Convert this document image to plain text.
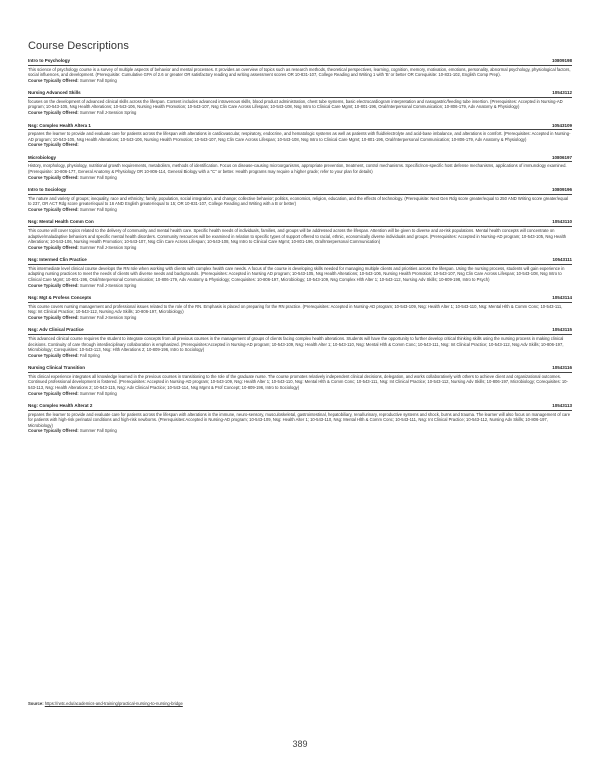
Course Descriptions
Intro to Psychology	10809198
This science of psychology course is a survey of multiple aspects of behavior and mental processes. It provides an overview of topics such as research methods, theoretical perspectives, learning, cognition, memory, motivation, emotions, personality, abnormal psychology, physiological factors, social influences, and development. (Prerequisite: Cumulative GPA of 2.6 or greater OR satisfactory reading and writing assessment scores OR 10-831-107, College Reading and Writing 1 with 'B' or better OR Corequisite: 10-831-102, English Comp Prep).
Course Typically Offered: Summer Fall Spring
Nursing Advanced Skills	10543112
focuses on the development of advanced clinical skills across the lifespan. Content includes advanced intravenous skills, blood product administration, chest tube systems, basic electrocardiogram interpretation and nasogastric/feeding tube insertion. (Prerequisites: Accepted in Nursing-AD program; 10-543-105, Nsg Health Alterations; 10-543-106, Nursing Health Promotion; 10-543-107, Nsg Clin Care Across Lifespan; 10-543-108, Nsg Intro to Clinical Care Mgmt; 10-801-196, Oral/Interpersonal Communication; 10-806-179, Adv Anatomy & Physiology)
Course Typically Offered: Summer Fall J-Session Spring
Nsg: Complex Health Altera 1	10543109
prepares the learner to provide and evaluate care for patients across the lifespan with alterations in cardiovascular, respiratory, endocrine, and hematologic systems as well as patients with fluid/electrolyte and acid-base imbalance, and alterations in comfort. (Prerequisites: Accepted in Nursing-AD program; 10-543-105, Nsg Health Alterations; 10-543-106, Nursing Health Promotion; 10-543-107, Nsg Clin Care Across Lifespan; 10-543-108, Nsg Intro to Clinical Care Mgmt; 10-801-196, Oral/Interpersonal Communication; 10-806-179, Adv Anatomy & Physiology)
Course Typically Offered:
Microbiology	10806197
History, morphology, physiology, nutritional growth requirements, metabolism, methods of identification. Focus on disease-causing microorganisms, appropriate prevention, treatment, control mechanisms. Specific/non-specific host defense mechanisms, applications of immunology examined. (Prerequisite: 10-806-177, General Anatomy & Physiology OR 10-806-114, General Biology with a "C" or better. Health programs may require a higher grade; refer to your plan for details)
Course Typically Offered: Summer Fall Spring
Intro to Sociology	10809196
The nature and variety of groups; inequality, race and ethnicity; family, population, social integration, and change; collective behavior; politics, economics, religion, education, and the effects of technology. (Prerequisite: Next Gen Rdg score greater/equal to 250 AND Writing score greater/equal to 237, OR ACT Rdg score greater/equal to 16 AND English greater/equal to 15; OR 10-831-107, College Reading and Writing with a B or better)
Course Typically Offered: Summer Fall Spring
Nsg: Mental Health Comm Con	10543110
This course will cover topics related to the delivery of community and mental health care. Specific health needs of individuals, families, and groups will be addressed across the lifespan. Attention will be given to diverse and at-risk populations. Mental health concepts will concentrate on adaptive/maladaptive behaviors and specific mental health disorders. Community resources will be examined in relation to specific types of support offered to racial, ethnic, economically diverse individuals and groups. (Prerequisites: Accepted in Nursing-AD program; 10-543-105, Nsg Health Alterations; 10-543-106, Nursing Health Promotion; 10-543-107, Nsg Clin Care Across Lifespan; 10-543-108, Nsg Intro to Clinical Care Mgmt; 10-801-196, Oral/Interpersonal Communication)
Course Typically Offered: Summer Fall J-Session Spring
Nsg: Intermed Clin Practice	10543111
This intermediate level clinical course develops the RN role when working with clients with complex health care needs. A focus of the course is developing skills needed for managing multiple clients and priorities across the lifespan. Using the nursing process, students will gain experience in adapting nursing practices to meet the needs of clients with diverse needs and backgrounds. (Prerequisites: Accepted in Nursing AD program; 10-543-105, Nsg Health Alterations; 10-543-106, Nursing Health Promotion; 10-543-107, Nsg Clin Care Across Lifespan; 10-543-108, Nsg Intro to Clinical Care Mgmt; 10-801-196, Oral/Interpersonal Communication; 10-806-179, Adv Anatomy & Physiology; Corequisites: 10-806-197, Microbiology; 10-543-109, Nsg Complex Hlth Alter 1; 10-543-112, Nursing Adv Skills; 10-809-198, Intro to Psych)
Course Typically Offered: Summer Fall J-Session Spring
Nsg: Mgt & Profess Concepts	10543114
This course covers nursing management and professional issues related to the role of the RN. Emphasis is placed on preparing for the RN practice. (Prerequisites: Accepted in Nursing-AD program; 10-543-109, Nsg: Health Alter 1; 10-543-110, Nsg: Mental Hlth & Comm Conc; 10-543-111, Nsg: Int Clinical Practice; 10-543-112, Nursing Adv Skills; 10-806-197, Microbiology)
Course Typically Offered: Summer Fall J-Session Spring
Nsg: Adv Clinical Practice	10543115
This advanced clinical course requires the student to integrate concepts from all previous courses in the management of groups of clients facing complex health alterations. Students will have the opportunity to further develop critical thinking skills using the nursing process in making clinical decisions. Continuity of care through interdisciplinary collaboration is emphasized. (Prerequisites:Accepted in Nursing-AD program; 10-543-109, Nsg: Health Alter 1; 10-543-110, Nsg: Mental Hlth & Comm Conc; 10-543-111, Nsg: Int Clinical Practice; 10-543-112, Nsg Adv Skills; 10-806-197, Microbiology; Corequisites: 10-543-113, Nsg: Hlth Alterations 2; 10-809-196, Intro to Sociology)
Course Typically Offered: Fall Spring
Nursing Clinical Transition	10543116
This clinical experience integrates all knowledge learned in the previous courses in transitioning to the role of the graduate nurse. The course promotes relatively independent clinical decisions, delegation, and works collaboratively with others to achieve client and organizational outcomes. Continued professional development is fostered. (Prerequisites: Accepted in Nursing-AD program; 10-543-109, Nsg: Health Alter 1; 10-543-110, Nsg: Mental Hlth & Comm Conc; 10-543-111, Nsg: Int Clinical Practice; 10-543-112, Nursing Adv Skills; 10-806-197, Microbiology; Corequisites: 10-543-113, Nsg: Health Alterations 2; 10-543-115, Nsg: Adv Clinical Practice; 10-543-114, Nsg Mgmt & Prof Concept; 10-809-196, Intro to Sociology)
Course Typically Offered: Summer Fall Spring
Nsg: Complex Health Alterat 2	10543113
prepares the learner to provide and evaluate care for patients across the lifespan with alterations in the immune, neuro-sensory, musculoskeletal, gastrointestinal, hepatobiliary, renal/urinary, reproductive systems and shock, burns and trauma. The learner will also focus on management of care for patients with high-risk perinatal conditions and high-risk newborns. (Prerequisites:Accepted in Nursing-AD program; 10-543-109, Nsg: Health Alter 1; 10-543-110, Nsg: Mental Hlth & Comm Conc; 10-543-111, Nsg: Int Clinical Practice; 10-543-112, Nursing Adv Skills; 10-806-197, Microbiology)
Course Typically Offered: Summer Fall Spring
Source: https://rwtc.edu/academics-and-training/practical-nursing-to-nursing-bridge
389
